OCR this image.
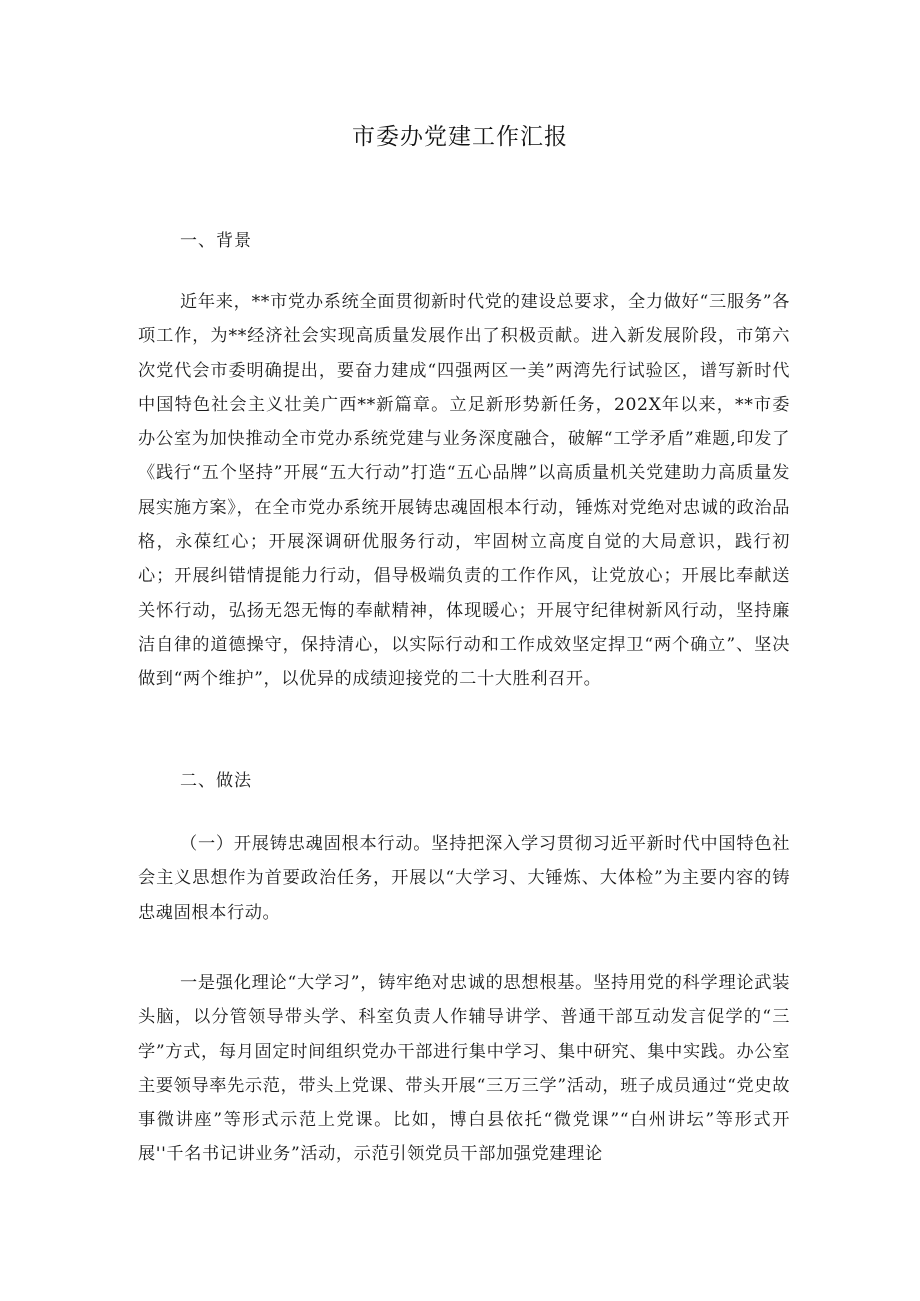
市委办党建工作汇报
一、背景

近年来，**市党办系统全面贯彻新时代党的建设总要求，全力做好“三服务”各项工作，为**经济社会实现高质量发展作出了积极贡献。进入新发展阶段，市第六次党代会市委明确提出，要奋力建成“四强两区一美”两湾先行试验区，谱写新时代中国特色社会主义壮美广西**新篇章。立足新形势新任务，202X年以来，**市委办公室为加快推动全市党办系统党建与业务深度融合，破解“工学矛盾”难题,印发了《践行“五个坚持”开展“五大行动”打造“五心品牌”以高质量机关党建助力高质量发展实施方案》，在全市党办系统开展铸忠魂固根本行动，锤炼对党绝对忠诚的政治品格，永葆红心；开展深调研优服务行动，牢固树立高度自觉的大局意识，践行初心；开展纠错情提能力行动，倡导极端负责的工作作风，让党放心；开展比奉献送关怀行动，弘扬无怨无悔的奉献精神，体现暖心；开展守纪律树新风行动，坚持廉洁自律的道德操守，保持清心，以实际行动和工作成效坚定捍卫“两个确立”、坚决做到“两个维护”，以优异的成绩迎接党的二十大胜利召开。

二、做法

（一）开展铸忠魂固根本行动。坚持把深入学习贯彻习近平新时代中国特色社会主义思想作为首要政治任务，开展以“大学习、大锤炼、大体检”为主要内容的铸忠魂固根本行动。

一是强化理论“大学习”，铸牢绝对忠诚的思想根基。坚持用党的科学理论武装头脑，以分管领导带头学、科室负责人作辅导讲学、普通干部互动发言促学的“三学”方式，每月固定时间组织党办干部进行集中学习、集中研究、集中实践。办公室主要领导率先示范，带头上党课、带头开展“三万三学”活动，班子成员通过“党史故事微讲座”等形式示范上党课。比如，博白县依托“微党课”“白州讲坛”等形式开展''千名书记讲业务”活动，示范引领党员干部加强党建理论
